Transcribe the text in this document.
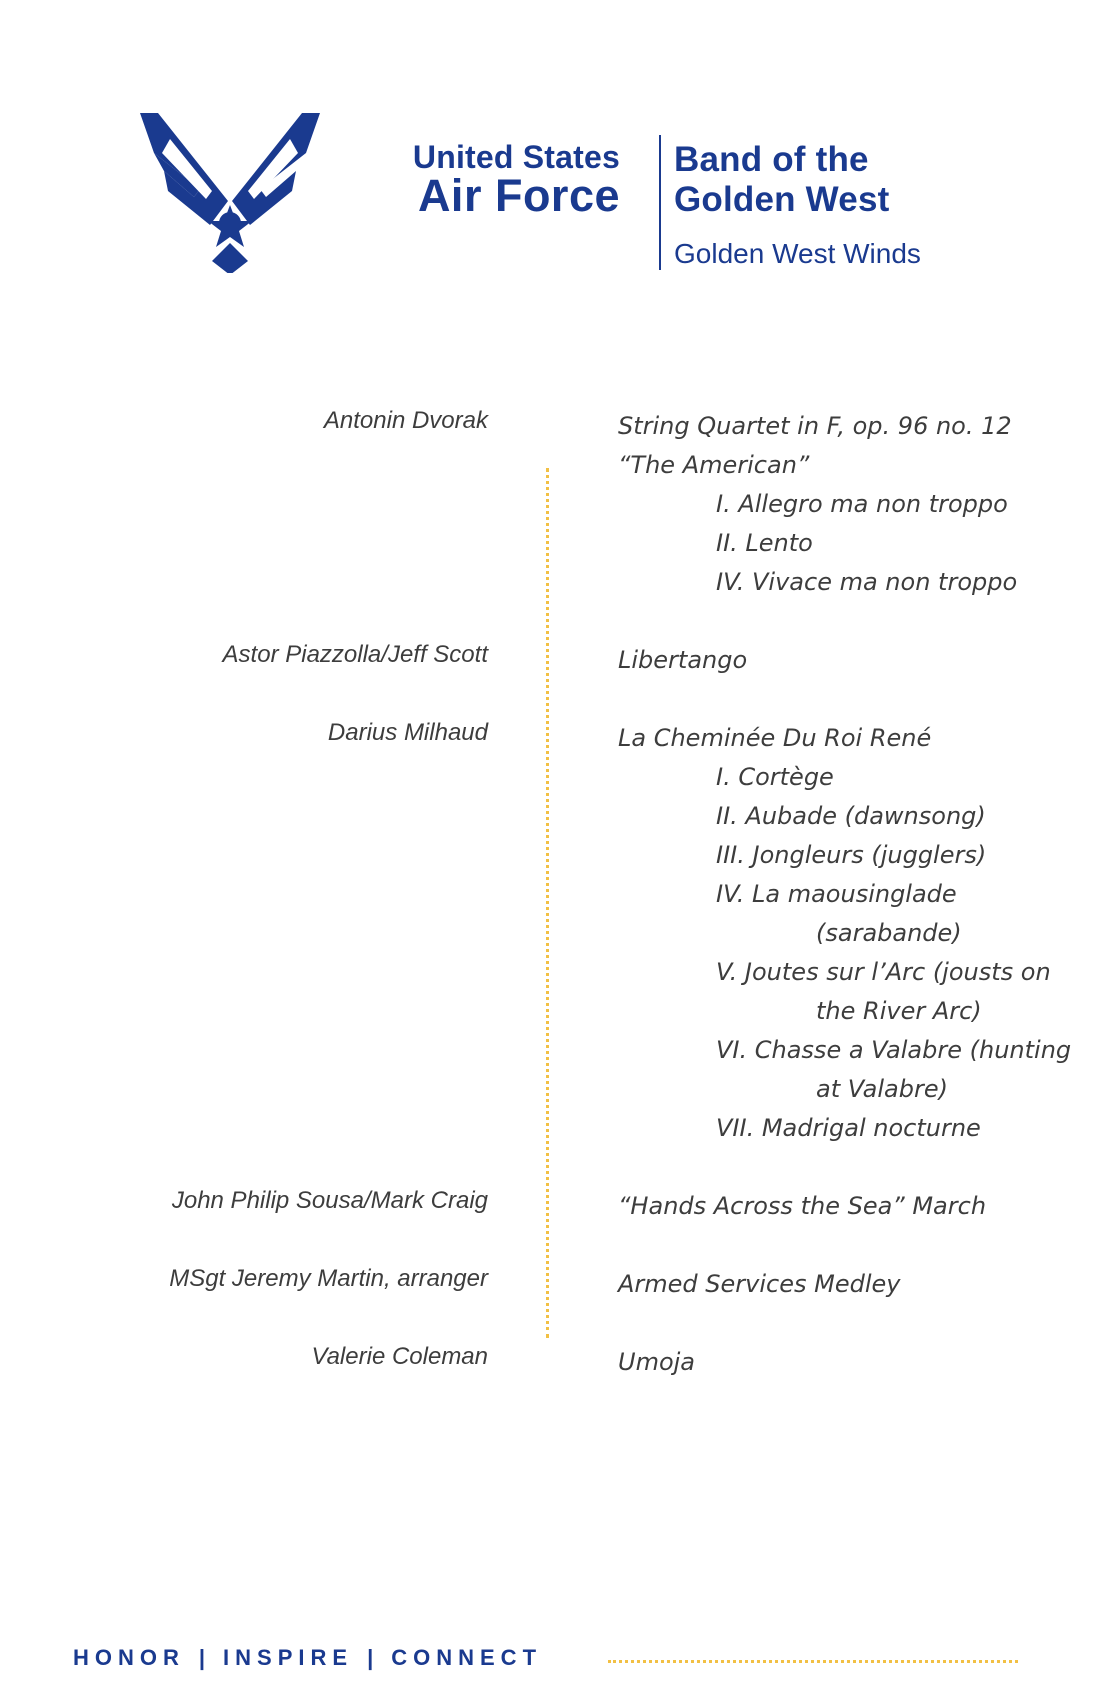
United States
Air Force
Band of the
Golden West
Golden West Winds
Antonin Dvorak	String Quartet in F, op. 96 no. 12
“The American”
I. Allegro ma non troppo
II. Lento
IV. Vivace ma non troppo
Astor Piazzolla/Jeff Scott	Libertango
Darius Milhaud	La Cheminée Du Roi René
I. Cortège
II. Aubade (dawnsong)
III. Jongleurs (jugglers)
IV. La maousinglade
(sarabande)
V. Joutes sur l’Arc (jousts on
the River Arc)
VI. Chasse a Valabre (hunting
at Valabre)
VII. Madrigal nocturne
John Philip Sousa/Mark Craig	“Hands Across the Sea” March
MSgt Jeremy Martin, arranger	Armed Services Medley
Valerie Coleman	Umoja
HONOR | INSPIRE | CONNECT
